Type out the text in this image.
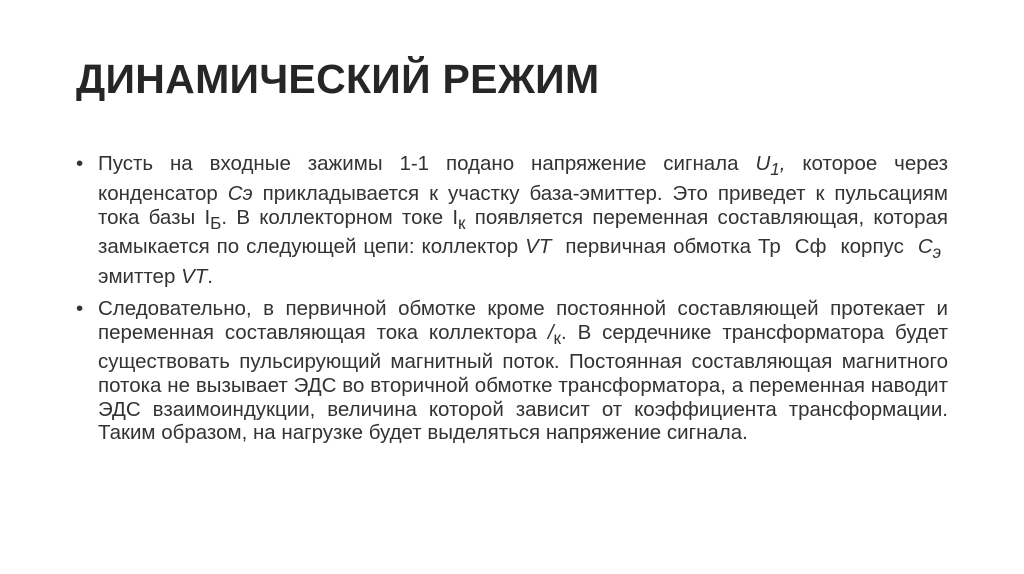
ДИНАМИЧЕСКИЙ РЕЖИМ

• Пусть на входные зажимы 1-1 подано напряжение сигнала $U_1$, которое через конденсатор Сэ прикладывается к участку база-эмиттер. Это приведет к пульсациям тока базы $I_Б$. В коллекторном токе $I_к$ появляется переменная составляющая, которая замыкается по следующей цепи: коллектор VT  первичная обмотка Тр  Сф  корпус  $С_э$  эмиттер VT.

• Следовательно, в первичной обмотке кроме постоянной составляющей протекает и переменная составляющая тока коллектора $/_к$. В сердечнике трансформатора будет существовать пульсирующий магнитный поток. Постоянная составляющая магнитного потока не вызывает ЭДС во вторичной обмотке трансформатора, а переменная наводит ЭДС взаимоиндукции, величина которой зависит от коэффициента трансформации. Таким образом, на нагрузке будет выделяться напряжение сигнала.
